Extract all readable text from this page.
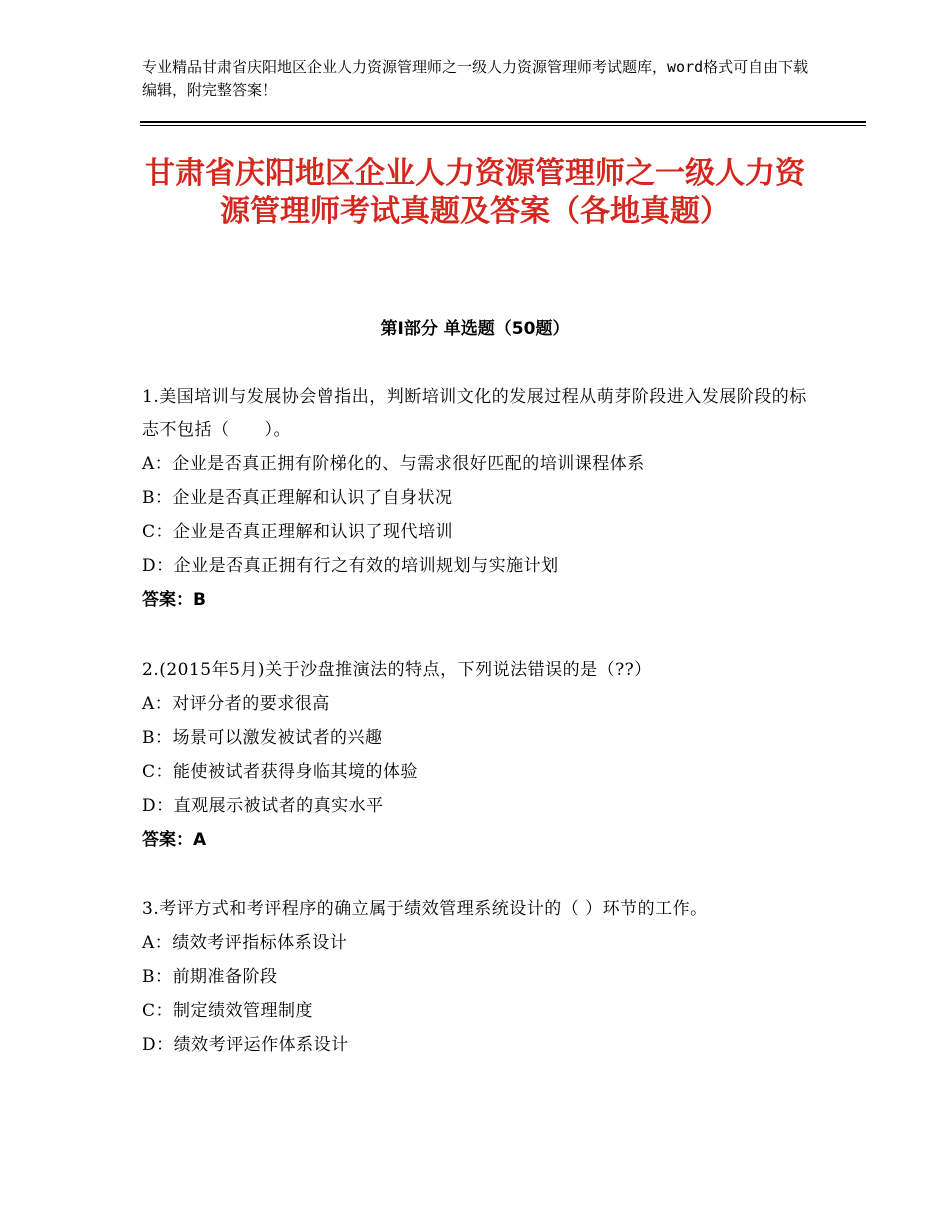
专业精品甘肃省庆阳地区企业人力资源管理师之一级人力资源管理师考试题库，word格式可自由下载编辑，附完整答案！
甘肃省庆阳地区企业人力资源管理师之一级人力资源管理师考试真题及答案（各地真题）
第Ⅰ部分 单选题（50题）

1.美国培训与发展协会曾指出，判断培训文化的发展过程从萌芽阶段进入发展阶段的标志不包括（　　）。

A：企业是否真正拥有阶梯化的、与需求很好匹配的培训课程体系

B：企业是否真正理解和认识了自身状况

C：企业是否真正理解和认识了现代培训

D：企业是否真正拥有行之有效的培训规划与实施计划

答案：B

2.(2015年5月)关于沙盘推演法的特点，下列说法错误的是（??）

A：对评分者的要求很高

B：场景可以激发被试者的兴趣

C：能使被试者获得身临其境的体验

D：直观展示被试者的真实水平

答案：A

3.考评方式和考评程序的确立属于绩效管理系统设计的（ ）环节的工作。

A：绩效考评指标体系设计

B：前期准备阶段

C：制定绩效管理制度

D：绩效考评运作体系设计
